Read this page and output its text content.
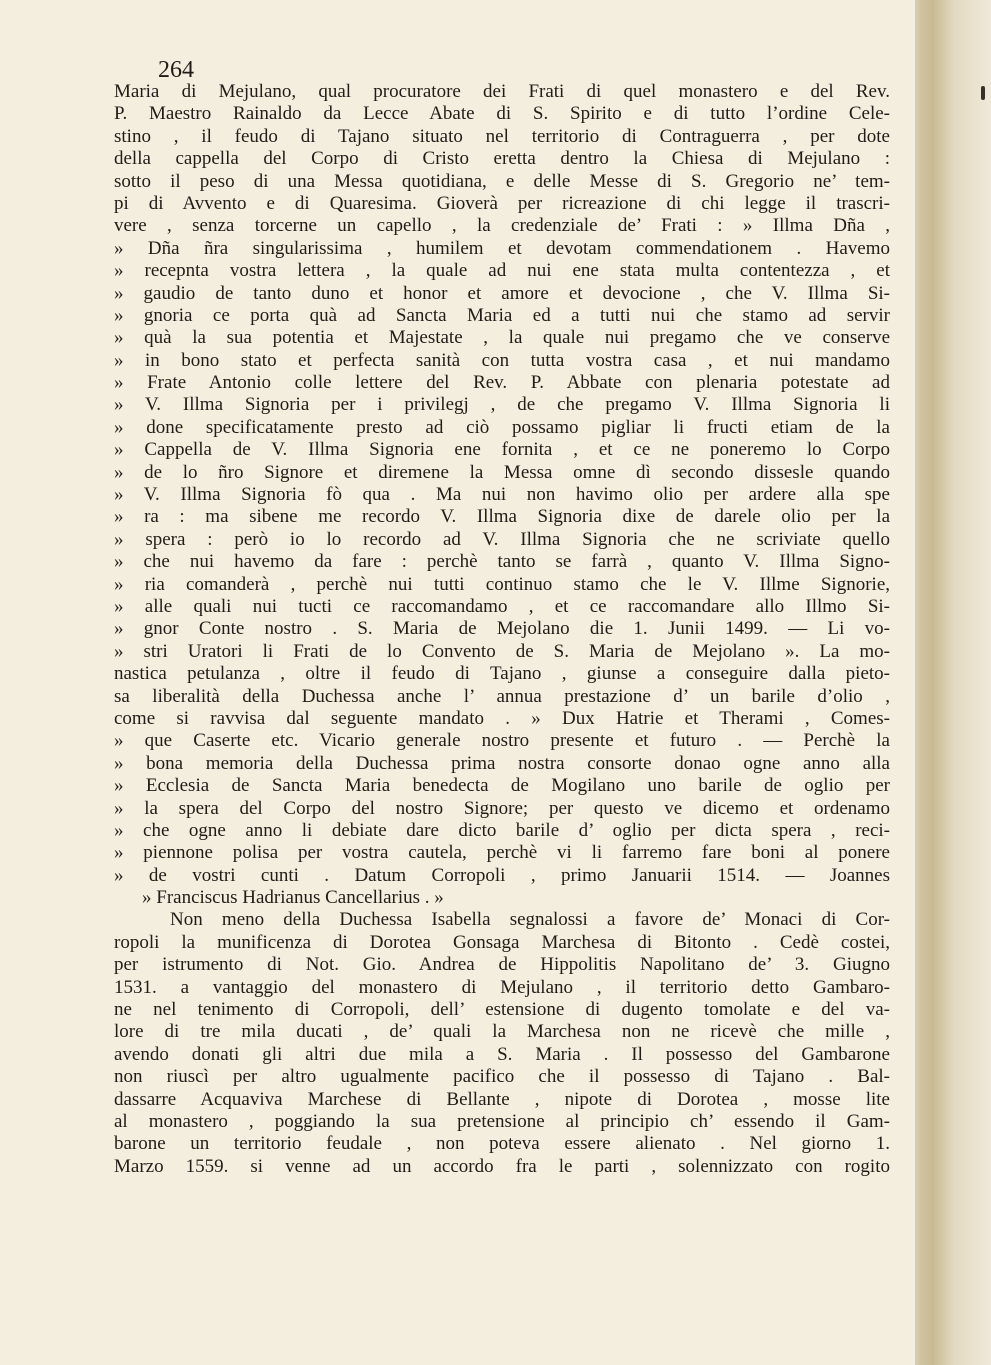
264
Maria di Mejulano, qual procuratore dei Frati di quel monastero e del Rev.
P. Maestro Rainaldo da Lecce Abate di S. Spirito e di tutto l’ordine Cele-
stino , il feudo di Tajano situato nel territorio di Contraguerra , per dote
della cappella del Corpo di Cristo eretta dentro la Chiesa di Mejulano :
sotto il peso di una Messa quotidiana, e delle Messe di S. Gregorio ne’ tem-
pi di Avvento e di Quaresima. Gioverà per ricreazione di chi legge il trascri-
vere , senza torcerne un capello , la credenziale de’ Frati : » Illma Dña ,
» Dña ñra singularissima , humilem et devotam commendationem . Havemo
» recepnta vostra lettera , la quale ad nui ene stata multa contentezza , et
» gaudio de tanto duno et honor et amore et devocione , che V. Illma Si-
» gnoria ce porta quà ad Sancta Maria ed a tutti nui che stamo ad servir
» quà la sua potentia et Majestate , la quale nui pregamo che ve conserve
» in bono stato et perfecta sanità con tutta vostra casa , et nui mandamo
» Frate Antonio colle lettere del Rev. P. Abbate con plenaria potestate ad
» V. Illma Signoria per i privilegj , de che pregamo V. Illma Signoria li
» done specificatamente presto ad ciò possamo pigliar li fructi etiam de la
» Cappella de V. Illma Signoria ene fornita , et ce ne poneremo lo Corpo
» de lo ñro Signore et diremene la Messa omne dì secondo dissesle quando
» V. Illma Signoria fò qua . Ma nui non havimo olio per ardere alla spe
» ra : ma sibene me recordo V. Illma Signoria dixe de darele olio per la
» spera : però io lo recordo ad V. Illma Signoria che ne scriviate quello
» che nui havemo da fare : perchè tanto se farrà , quanto V. Illma Signo-
» ria comanderà , perchè nui tutti continuo stamo che le V. Illme Signorie,
» alle quali nui tucti ce raccomandamo , et ce raccomandare allo Illmo Si-
» gnor Conte nostro . S. Maria de Mejolano die 1. Junii 1499. — Li vo-
» stri Uratori li Frati de lo Convento de S. Maria de Mejolano ». La mo-
nastica petulanza , oltre il feudo di Tajano , giunse a conseguire dalla pieto-
sa liberalità della Duchessa anche l’ annua prestazione d’ un barile d’olio ,
come si ravvisa dal seguente mandato . » Dux Hatrie et Therami , Comes-
» que Caserte etc. Vicario generale nostro presente et futuro . — Perchè la
» bona memoria della Duchessa prima nostra consorte donao ogne anno alla
» Ecclesia de Sancta Maria benedecta de Mogilano uno barile de oglio per
» la spera del Corpo del nostro Signore; per questo ve dicemo et ordenamo
» che ogne anno li debiate dare dicto barile d’ oglio per dicta spera , reci-
» piennone polisa per vostra cautela, perchè vi li farremo fare boni al ponere
» de vostri cunti . Datum Corropoli , primo Januarii 1514. — Joannes
» Franciscus Hadrianus Cancellarius . »
Non meno della Duchessa Isabella segnalossi a favore de’ Monaci di Cor-
ropoli la munificenza di Dorotea Gonsaga Marchesa di Bitonto . Cedè costei,
per istrumento di Not. Gio. Andrea de Hippolitis Napolitano de’ 3. Giugno
1531. a vantaggio del monastero di Mejulano , il territorio detto Gambaro-
ne nel tenimento di Corropoli, dell’ estensione di dugento tomolate e del va-
lore di tre mila ducati , de’ quali la Marchesa non ne ricevè che mille ,
avendo donati gli altri due mila a S. Maria . Il possesso del Gambarone
non riuscì per altro ugualmente pacifico che il possesso di Tajano . Bal-
dassarre Acquaviva Marchese di Bellante , nipote di Dorotea , mosse lite
al monastero , poggiando la sua pretensione al principio ch’ essendo il Gam-
barone un territorio feudale , non poteva essere alienato . Nel giorno 1.
Marzo 1559. si venne ad un accordo fra le parti , solennizzato con rogito
